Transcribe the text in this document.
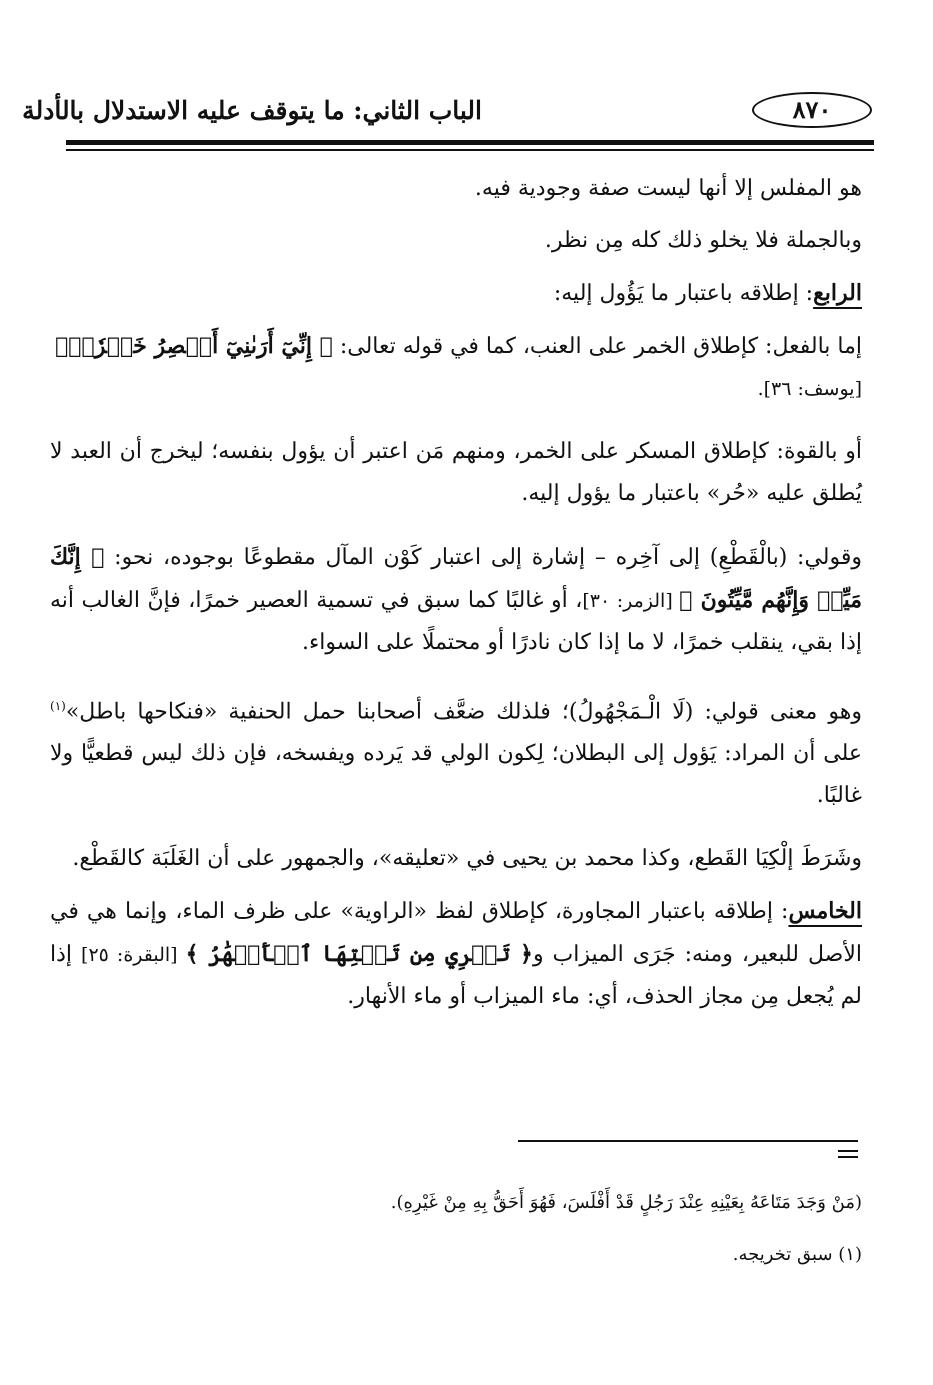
٨٧٠
الباب الثاني: ما يتوقف عليه الاستدلال بالأدلة

هو المفلس إلا أنها ليست صفة وجودية فيه.

وبالجملة فلا يخلو ذلك كله مِن نظر.

الرابع: إطلاقه باعتبار ما يَؤُول إليه:

إما بالفعل: كإطلاق الخمر على العنب، كما في قوله تعالى: ﴿ إِنِّيٓ أَرَىٰنِيٓ أَعۡصِرُ خَمۡرٗاۖ﴾
[يوسف: ٣٦].

أو بالقوة: كإطلاق المسكر على الخمر، ومنهم مَن اعتبر أن يؤول بنفسه؛ ليخرج أن العبد لا يُطلق عليه «حُر» باعتبار ما يؤول إليه.

وقولي: (بالْقَطْعِ) إلى آخِره – إشارة إلى اعتبار كَوْن المآل مقطوعًا بوجوده، نحو: ﴿ إِنَّكَ مَيِّتٞ وَإِنَّهُم مَّيِّتُونَ ﴾ [الزمر: ٣٠]، أو غالبًا كما سبق في تسمية العصير خمرًا، فإنَّ الغالب أنه إذا بقي، ينقلب خمرًا، لا ما إذا كان نادرًا أو محتملًا على السواء.

وهو معنى قولي: (لَا الْـمَجْهُولُ)؛ فلذلك ضعَّف أصحابنا حمل الحنفية «فنكاحها باطل»$^{(١)}$ على أن المراد: يَؤول إلى البطلان؛ لِكون الولي قد يَرده ويفسخه، فإن ذلك ليس قطعيًّا ولا غالبًا.

وشَرَطَ إلْكِيَا القَطع، وكذا محمد بن يحيى في «تعليقه»، والجمهور على أن الغَلَبَة كالقَطْع.

الخامس: إطلاقه باعتبار المجاورة، كإطلاق لفظ «الراوية» على ظرف الماء، وإنما هي في الأصل للبعير، ومنه: جَرَى الميزاب و﴿ تَجۡرِي مِن تَحۡتِهَا ٱلۡأَنۡهَٰرُ ﴾ [البقرة: ٢٥] إذا لم يُجعل مِن مجاز الحذف، أي: ماء الميزاب أو ماء الأنهار.

(مَنْ وَجَدَ مَتَاعَهُ بِعَيْنِهِ عِنْدَ رَجُلٍ قَدْ أَفْلَسَ، فَهُوَ أَحَقُّ بِهِ مِنْ غَيْرِهِ).

(١) سبق تخريجه.
